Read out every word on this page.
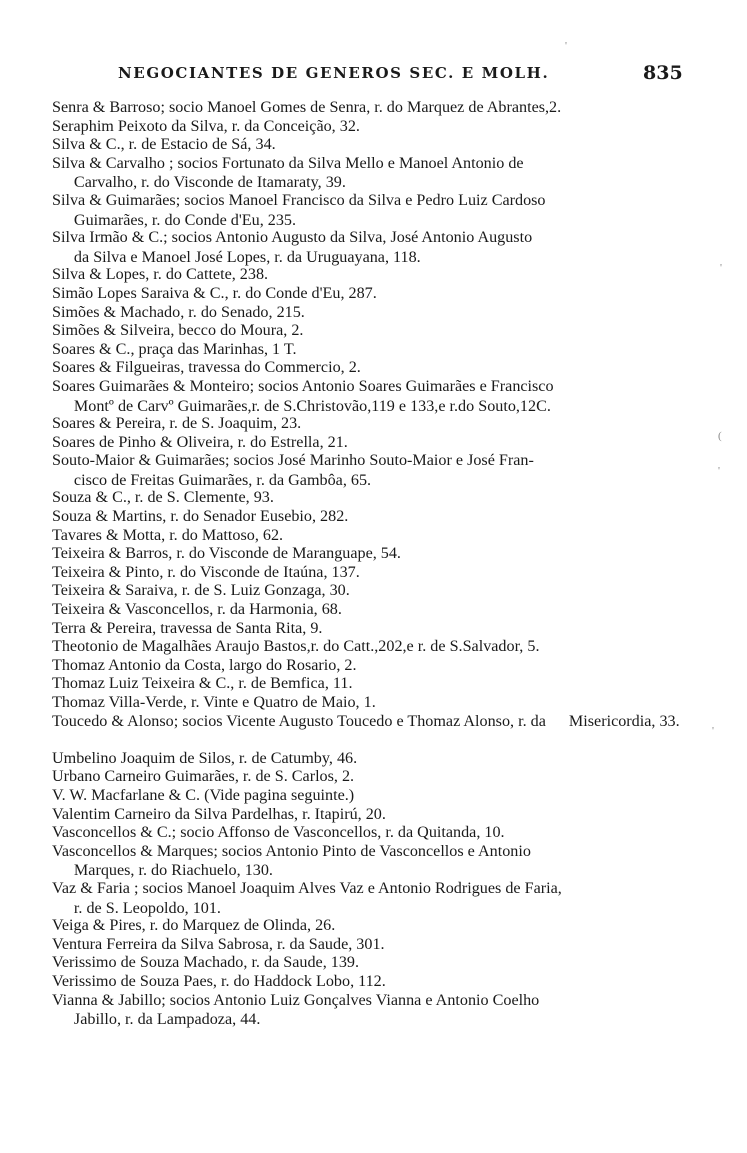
NEGOCIANTES DE GENEROS SEC. E MOLH.	835
'
'
(
'
'
Senra & Barroso; socio Manoel Gomes de Senra, r. do Marquez de Abrantes,2.
Seraphim Peixoto da Silva, r. da Conceição, 32.
Silva & C., r. de Estacio de Sá, 34.
Silva & Carvalho ; socios Fortunato da Silva Mello e Manoel Antonio deCarvalho, r. do Visconde de Itamaraty, 39.
Silva & Guimarães; socios Manoel Francisco da Silva e Pedro Luiz CardosoGuimarães, r. do Conde d'Eu, 235.
Silva Irmão & C.; socios Antonio Augusto da Silva, José Antonio Augustoda Silva e Manoel José Lopes, r. da Uruguayana, 118.
Silva & Lopes, r. do Cattete, 238.
Simão Lopes Saraiva & C., r. do Conde d'Eu, 287.
Simões & Machado, r. do Senado, 215.
Simões & Silveira, becco do Moura, 2.
Soares & C., praça das Marinhas, 1 T.
Soares & Filgueiras, travessa do Commercio, 2.
Soares Guimarães & Monteiro; socios Antonio Soares Guimarães e FranciscoMontº de Carvº Guimarães,r. de S.Christovão,119 e 133,e r.do Souto,12C.
Soares & Pereira, r. de S. Joaquim, 23.
Soares de Pinho & Oliveira, r. do Estrella, 21.
Souto-Maior & Guimarães; socios José Marinho Souto-Maior e José Fran-cisco de Freitas Guimarães, r. da Gambôa, 65.
Souza & C., r. de S. Clemente, 93.
Souza & Martins, r. do Senador Eusebio, 282.
Tavares & Motta, r. do Mattoso, 62.
Teixeira & Barros, r. do Visconde de Maranguape, 54.
Teixeira & Pinto, r. do Visconde de Itaúna, 137.
Teixeira & Saraiva, r. de S. Luiz Gonzaga, 30.
Teixeira & Vasconcellos, r. da Harmonia, 68.
Terra & Pereira, travessa de Santa Rita, 9.
Theotonio de Magalhães Araujo Bastos,r. do Catt.,202,e r. de S.Salvador, 5.
Thomaz Antonio da Costa, largo do Rosario, 2.
Thomaz Luiz Teixeira & C., r. de Bemfica, 11.
Thomaz Villa-Verde, r. Vinte e Quatro de Maio, 1.
Toucedo & Alonso; socios Vicente Augusto Toucedo e Thomaz Alonso, r. da Misericordia, 33.
Umbelino Joaquim de Silos, r. de Catumby, 46.
Urbano Carneiro Guimarães, r. de S. Carlos, 2.
V. W. Macfarlane & C. (Vide pagina seguinte.)
Valentim Carneiro da Silva Pardelhas, r. Itapirú, 20.
Vasconcellos & C.; socio Affonso de Vasconcellos, r. da Quitanda, 10.
Vasconcellos & Marques; socios Antonio Pinto de Vasconcellos e AntonioMarques, r. do Riachuelo, 130.
Vaz & Faria ; socios Manoel Joaquim Alves Vaz e Antonio Rodrigues de Faria,r. de S. Leopoldo, 101.
Veiga & Pires, r. do Marquez de Olinda, 26.
Ventura Ferreira da Silva Sabrosa, r. da Saude, 301.
Verissimo de Souza Machado, r. da Saude, 139.
Verissimo de Souza Paes, r. do Haddock Lobo, 112.
Vianna & Jabillo; socios Antonio Luiz Gonçalves Vianna e Antonio CoelhoJabillo, r. da Lampadoza, 44.
